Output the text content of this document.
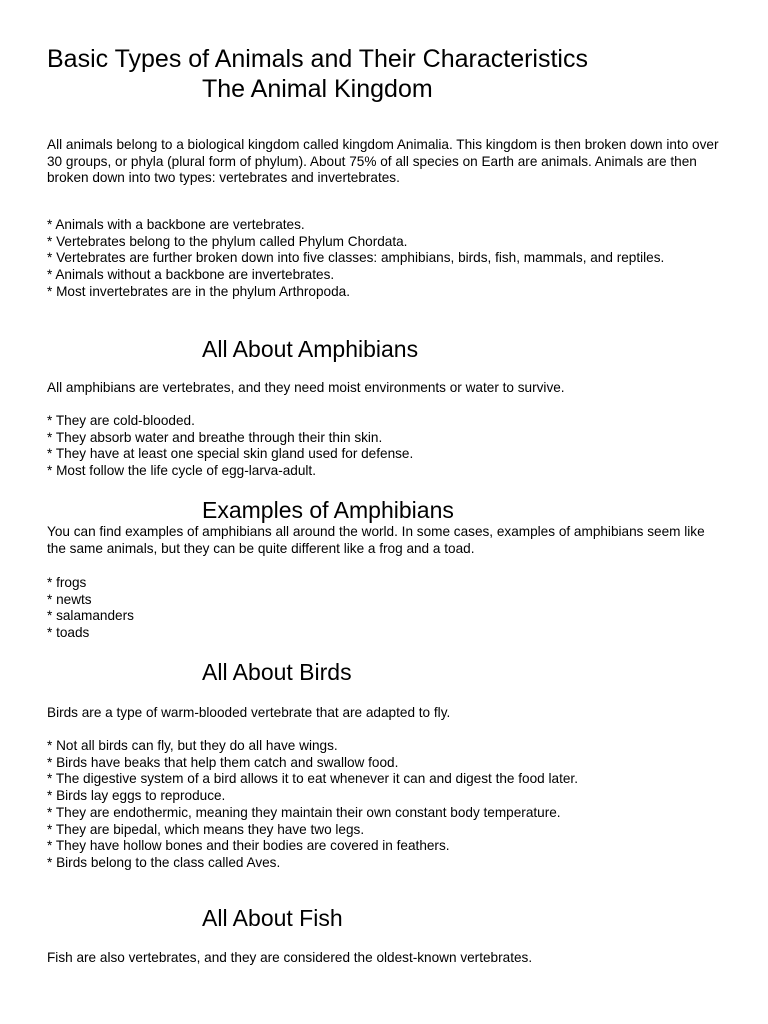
Basic Types of Animals and Their Characteristics
The Animal Kingdom

All animals belong to a biological kingdom called kingdom Animalia. This kingdom is then broken down into over 30 groups, or phyla (plural form of phylum). About 75% of all species on Earth are animals. Animals are then broken down into two types: vertebrates and invertebrates.

* Animals with a backbone are vertebrates.
* Vertebrates belong to the phylum called Phylum Chordata.
* Vertebrates are further broken down into five classes: amphibians, birds, fish, mammals, and reptiles.
* Animals without a backbone are invertebrates.
* Most invertebrates are in the phylum Arthropoda.
All About Amphibians

All amphibians are vertebrates, and they need moist environments or water to survive.

* They are cold-blooded.
* They absorb water and breathe through their thin skin.
* They have at least one special skin gland used for defense.
* Most follow the life cycle of egg-larva-adult.
Examples of Amphibians

You can find examples of amphibians all around the world. In some cases, examples of amphibians seem like the same animals, but they can be quite different like a frog and a toad.

* frogs
* newts
* salamanders
* toads
All About Birds

Birds are a type of warm-blooded vertebrate that are adapted to fly.

* Not all birds can fly, but they do all have wings.
* Birds have beaks that help them catch and swallow food.
* The digestive system of a bird allows it to eat whenever it can and digest the food later.
* Birds lay eggs to reproduce.
* They are endothermic, meaning they maintain their own constant body temperature.
* They are bipedal, which means they have two legs.
* They have hollow bones and their bodies are covered in feathers.
* Birds belong to the class called Aves.
All About Fish

Fish are also vertebrates, and they are considered the oldest-known vertebrates.
